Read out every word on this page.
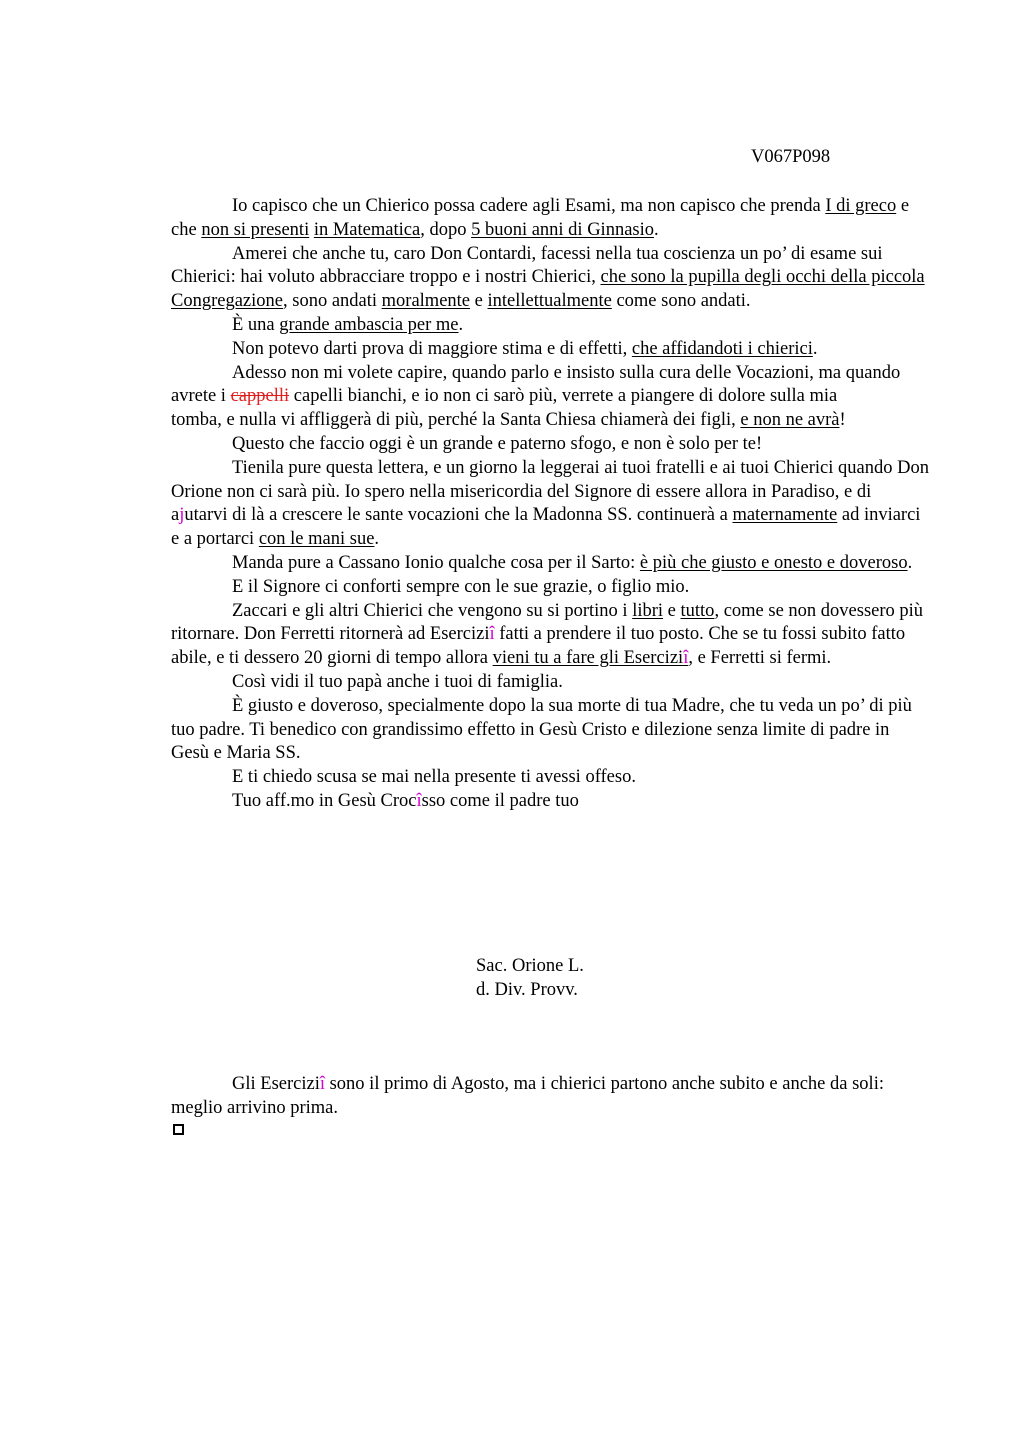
V067P098

Io capisco che un Chierico possa cadere agli Esami, ma non capisco che prenda I di greco e che non si presenti in Matematica, dopo 5 buoni anni di Ginnasio.

Amerei che anche tu, caro Don Contardi, facessi nella tua coscienza un po’ di esame sui Chierici: hai voluto abbracciare troppo e i nostri Chierici, che sono la pupilla degli occhi della piccola Congregazione, sono andati moralmente e intellettualmente come sono andati.

È una grande ambascia per me.

Non potevo darti prova di maggiore stima e di effetti, che affidandoti i chierici.

Adesso non mi volete capire, quando parlo e insisto sulla cura delle Vocazioni, ma quando avrete i cappelli capelli bianchi, e io non ci sarò più, verrete a piangere di dolore sulla mia

tomba, e nulla vi affliggerà di più, perché la Santa Chiesa chiamerà dei figli, e non ne avrà!

Questo che faccio oggi è un grande e paterno sfogo, e non è solo per te!

Tienila pure questa lettera, e un giorno la leggerai ai tuoi fratelli e ai tuoi Chierici quando Don Orione non ci sarà più. Io spero nella misericordia del Signore di essere allora in Paradiso, e di ajutarvi di là a crescere le sante vocazioni che la Madonna SS. continuerà a maternamente ad inviarci e a portarci con le mani sue.

Manda pure a Cassano Ionio qualche cosa per il Sarto: è più che giusto e onesto e doveroso.

E il Signore ci conforti sempre con le sue grazie, o figlio mio.

Zaccari e gli altri Chierici che vengono su si portino i libri e tutto, come se non dovessero più ritornare. Don Ferretti ritornerà ad Eserciziî fatti a prendere il tuo posto. Che se tu fossi subito fatto abile, e ti dessero 20 giorni di tempo allora vieni tu a fare gli Eserciziî, e Ferretti si fermi.

Così vidi il tuo papà anche i tuoi di famiglia.

È giusto e doveroso, specialmente dopo la sua morte di tua Madre, che tu veda un po’ di più tuo padre. Ti benedico con grandissimo effetto in Gesù Cristo e dilezione senza limite di padre in Gesù e Maria SS.

E ti chiedo scusa se mai nella presente ti avessi offeso.

Tuo aff.mo in Gesù Crocîsso come il padre tuo

Sac. Orione L.
d. Div. Provv.

Gli Eserciziî sono il primo di Agosto, ma i chierici partono anche subito e anche da soli: meglio arrivino prima.
